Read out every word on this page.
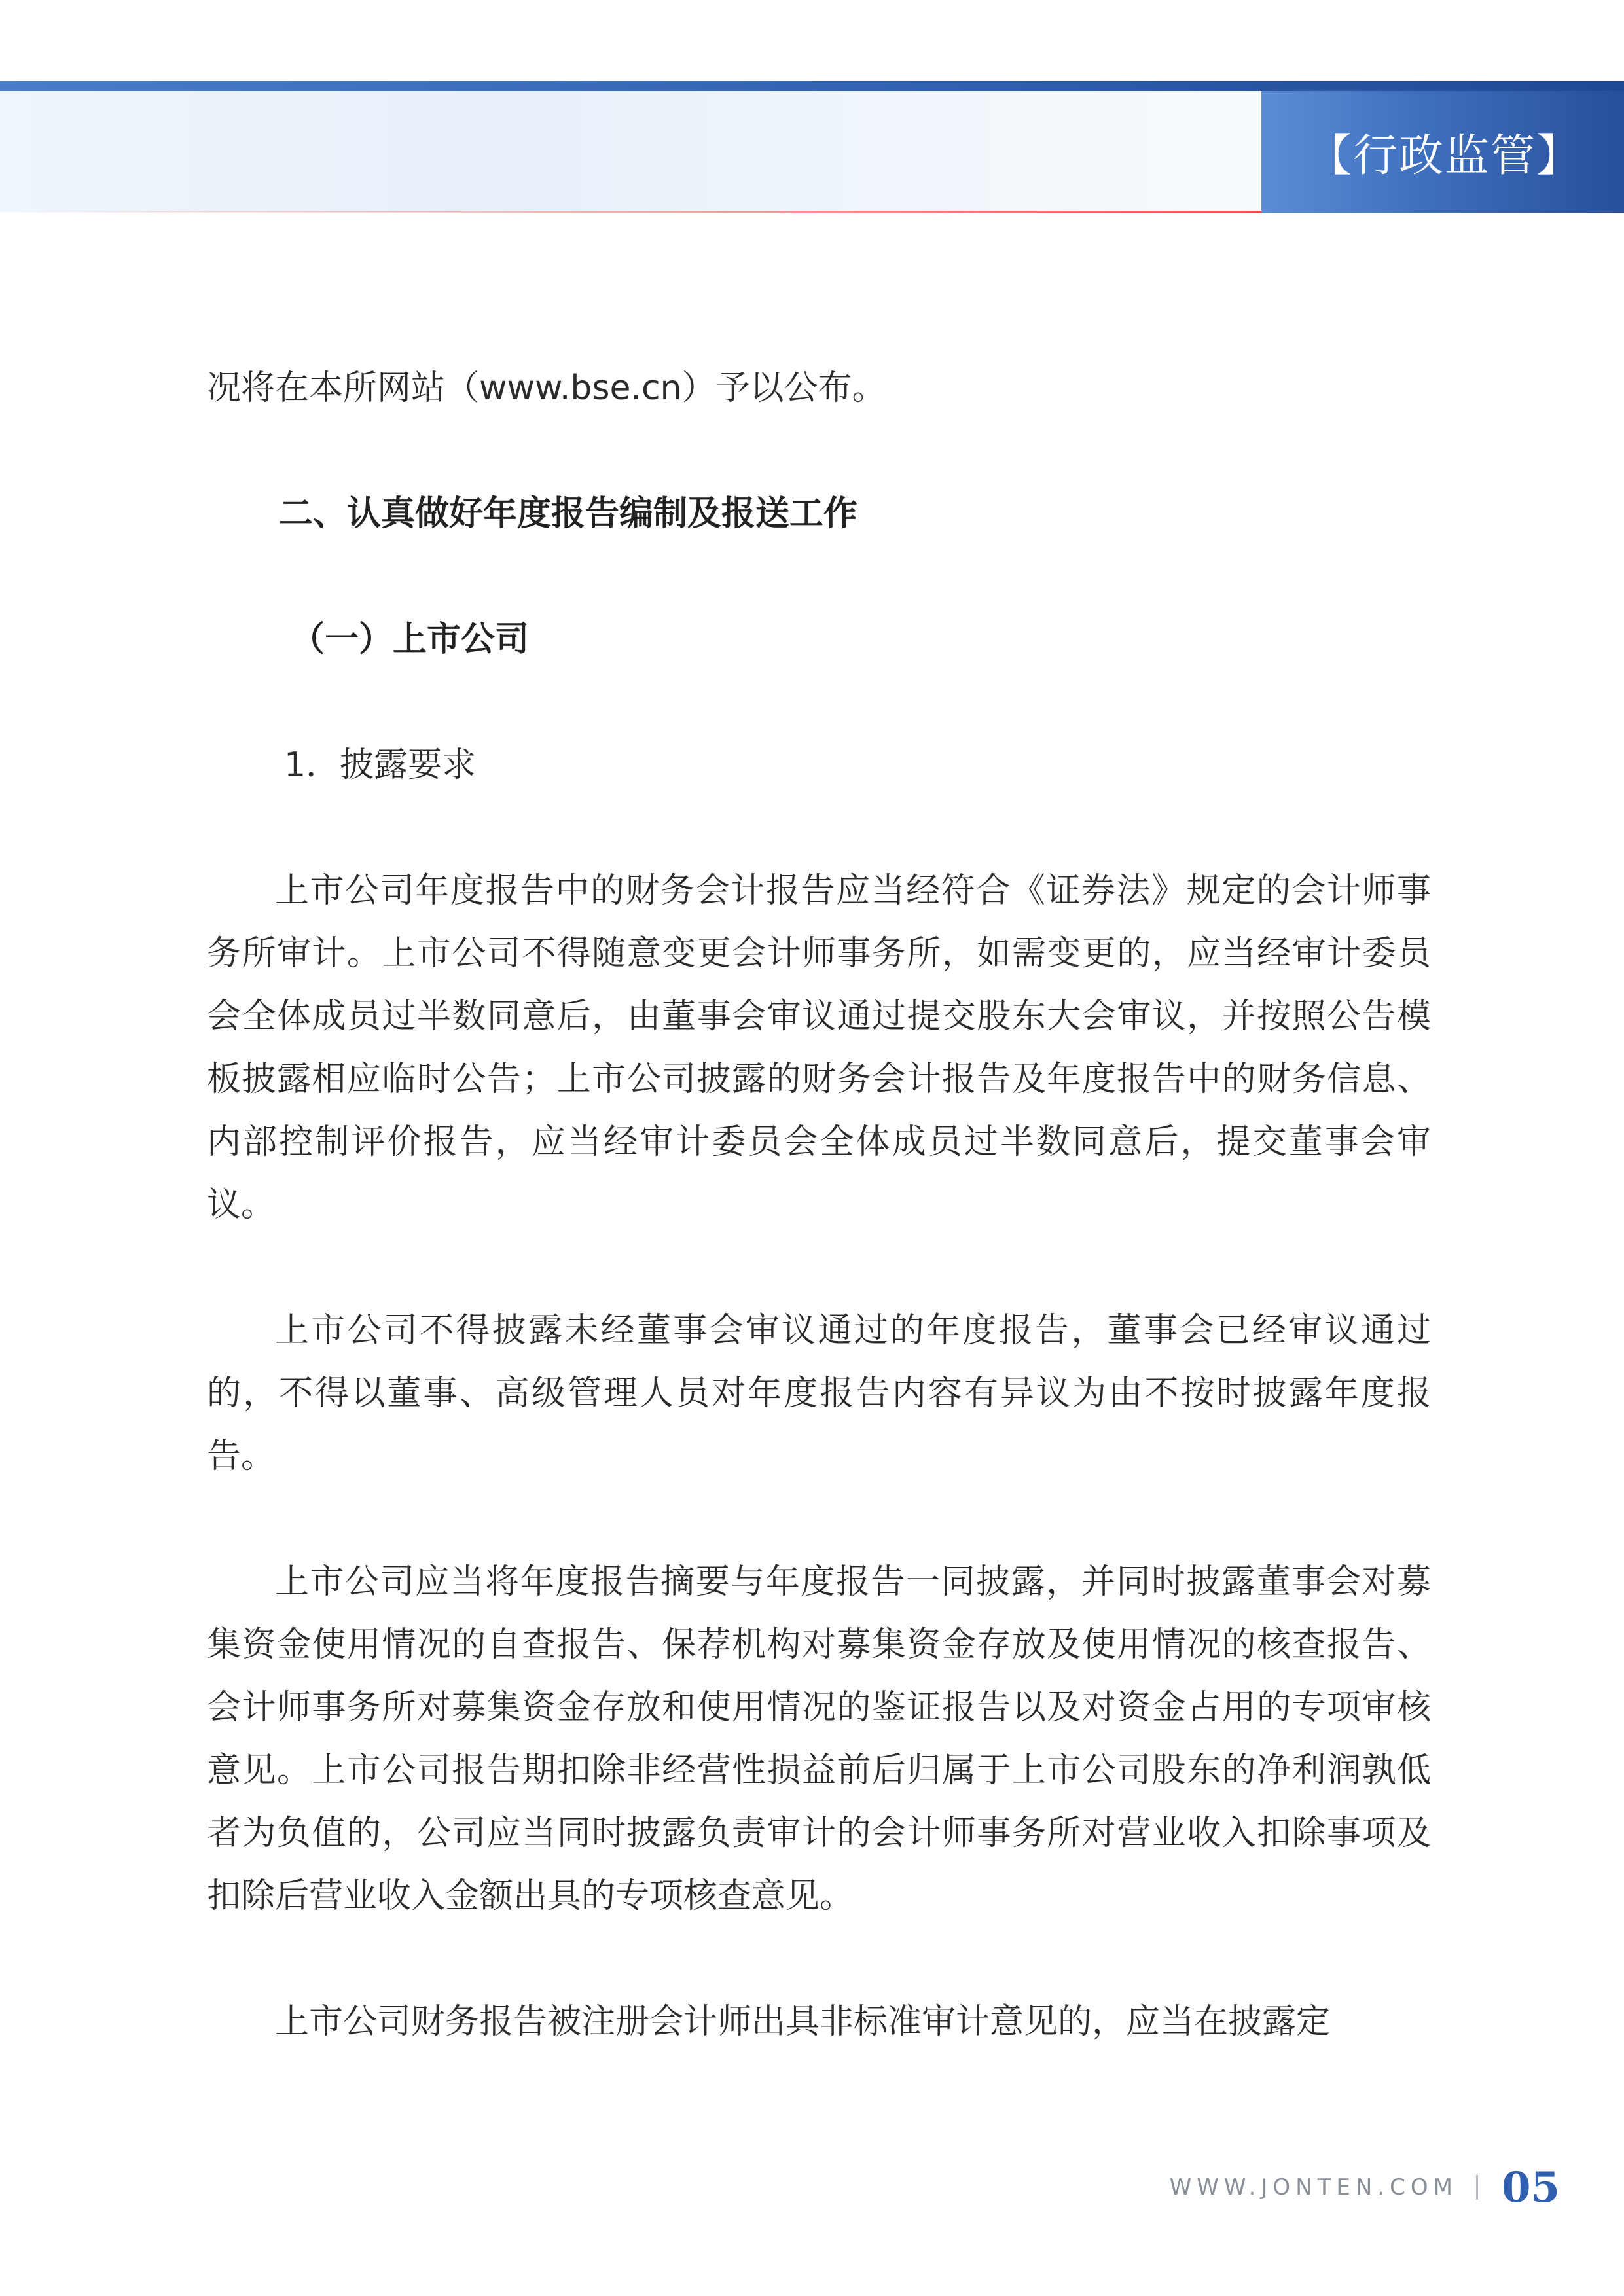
【行政监管】

况将在本所网站（www.bse.cn）予以公布。

二、认真做好年度报告编制及报送工作
（一）上市公司

1．披露要求

上市公司年度报告中的财务会计报告应当经符合《证券法》规定的会计师事务所审计。上市公司不得随意变更会计师事务所，如需变更的，应当经审计委员会全体成员过半数同意后，由董事会审议通过提交股东大会审议，并按照公告模板披露相应临时公告；上市公司披露的财务会计报告及年度报告中的财务信息、内部控制评价报告，应当经审计委员会全体成员过半数同意后，提交董事会审议。

上市公司不得披露未经董事会审议通过的年度报告，董事会已经审议通过的，不得以董事、高级管理人员对年度报告内容有异议为由不按时披露年度报告。

上市公司应当将年度报告摘要与年度报告一同披露，并同时披露董事会对募集资金使用情况的自查报告、保荐机构对募集资金存放及使用情况的核查报告、会计师事务所对募集资金存放和使用情况的鉴证报告以及对资金占用的专项审核意见。上市公司报告期扣除非经营性损益前后归属于上市公司股东的净利润孰低者为负值的，公司应当同时披露负责审计的会计师事务所对营业收入扣除事项及扣除后营业收入金额出具的专项核查意见。

上市公司财务报告被注册会计师出具非标准审计意见的，应当在披露定

WWW.JONTEN.COM 05
